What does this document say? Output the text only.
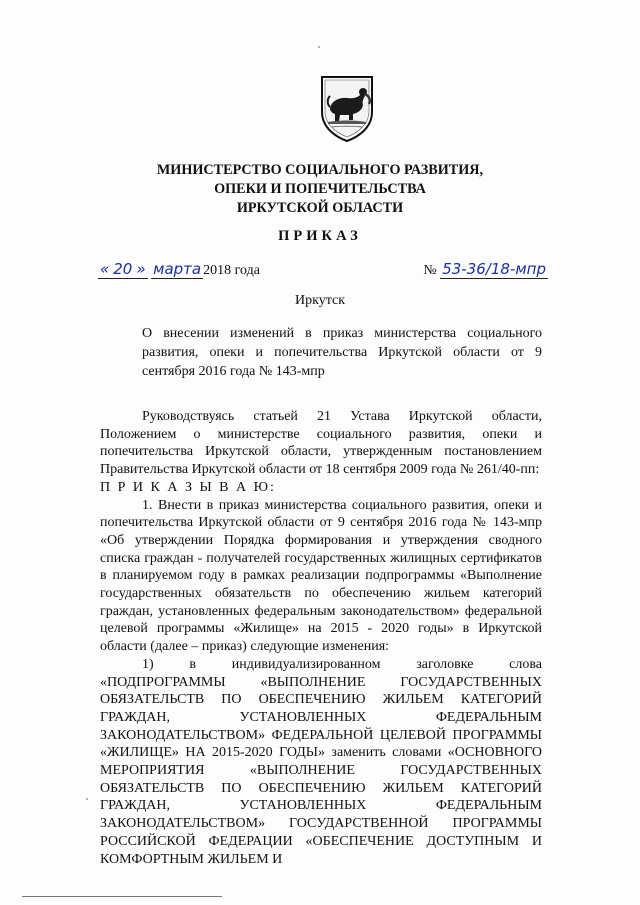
МИНИСТЕРСТВО СОЦИАЛЬНОГО РАЗВИТИЯ,
ОПЕКИ И ПОПЕЧИТЕЛЬСТВА
ИРКУТСКОЙ ОБЛАСТИ
ПРИКАЗ
« 20 » марта 2018 года	№ 53-36/18-мпр
Иркутск
О внесении изменений в приказ министерства социального развития, опеки и попечительства Иркутской области от 9 сентября 2016 года № 143-мпр

Руководствуясь статьей 21 Устава Иркутской области, Положением о министерстве социального развития, опеки и попечительства Иркутской области, утвержденным постановлением Правительства Иркутской области от 18 сентября 2009 года № 261/40-пп:

П Р И К А З Ы В А Ю:

1. Внести в приказ министерства социального развития, опеки и попечительства Иркутской области от 9 сентября 2016 года № 143-мпр «Об утверждении Порядка формирования и утверждения сводного списка граждан - получателей государственных жилищных сертификатов в планируемом году в рамках реализации подпрограммы «Выполнение государственных обязательств по обеспечению жильем категорий граждан, установленных федеральным законодательством» федеральной целевой программы «Жилище» на 2015 - 2020 годы» в Иркутской области (далее – приказ) следующие изменения:

1) в индивидуализированном заголовке слова «ПОДПРОГРАММЫ «ВЫПОЛНЕНИЕ ГОСУДАРСТВЕННЫХ ОБЯЗАТЕЛЬСТВ ПО ОБЕСПЕЧЕНИЮ ЖИЛЬЕМ КАТЕГОРИЙ ГРАЖДАН, УСТАНОВЛЕННЫХ ФЕДЕРАЛЬНЫМ ЗАКОНОДАТЕЛЬСТВОМ» ФЕДЕРАЛЬНОЙ ЦЕЛЕВОЙ ПРОГРАММЫ «ЖИЛИЩЕ» НА 2015-2020 ГОДЫ» заменить словами «ОСНОВНОГО МЕРОПРИЯТИЯ «ВЫПОЛНЕНИЕ ГОСУДАРСТВЕННЫХ ОБЯЗАТЕЛЬСТВ ПО ОБЕСПЕЧЕНИЮ ЖИЛЬЕМ КАТЕГОРИЙ ГРАЖДАН, УСТАНОВЛЕННЫХ ФЕДЕРАЛЬНЫМ ЗАКОНОДАТЕЛЬСТВОМ» ГОСУДАРСТВЕННОЙ ПРОГРАММЫ РОССИЙСКОЙ ФЕДЕРАЦИИ «ОБЕСПЕЧЕНИЕ ДОСТУПНЫМ И КОМФОРТНЫМ ЖИЛЬЕМ И
